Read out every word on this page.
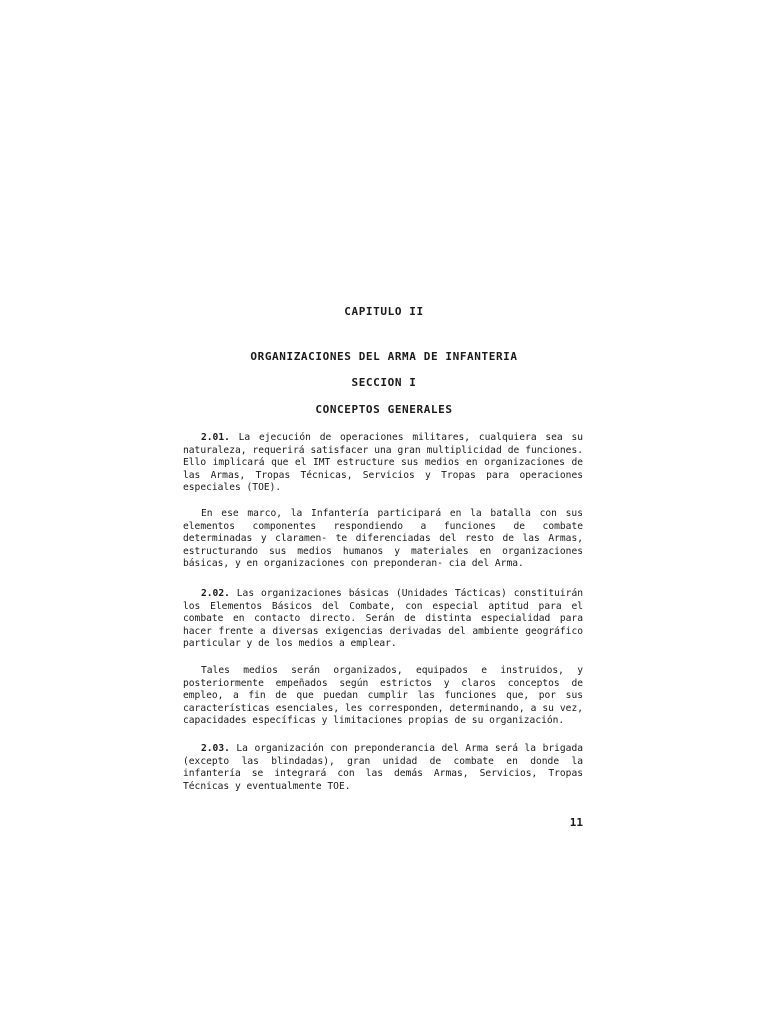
CAPITULO II
ORGANIZACIONES DEL ARMA DE INFANTERIA
SECCION I
CONCEPTOS GENERALES

2.01. La ejecución de operaciones militares, cualquiera sea su naturaleza, requerirá satisfacer una gran multiplicidad de funciones. Ello implicará que el IMT estructure sus medios en organizaciones de las Armas, Tropas Técnicas, Servicios y Tropas para operaciones especiales (TOE).

En ese marco, la Infantería participará en la batalla con sus elementos componentes respondiendo a funciones de combate determinadas y claramen- te diferenciadas del resto de las Armas, estructurando sus medios humanos y materiales en organizaciones básicas, y en organizaciones con preponderan- cia del Arma.

2.02. Las organizaciones básicas (Unidades Tácticas) constituirán los Elementos Básicos del Combate, con especial aptitud para el combate en contacto directo. Serán de distinta especialidad para hacer frente a diversas exigencias derivadas del ambiente geográfico particular y de los medios a emplear.

Tales medios serán organizados, equipados e instruidos, y posteriormente empeñados según estrictos y claros conceptos de empleo, a fin de que puedan cumplir las funciones que, por sus características esenciales, les corresponden, determinando, a su vez, capacidades específicas y limitaciones propias de su organización.

2.03. La organización con preponderancia del Arma será la brigada (excepto las blindadas), gran unidad de combate en donde la infantería se integrará con las demás Armas, Servicios, Tropas Técnicas y eventualmente TOE.

11
